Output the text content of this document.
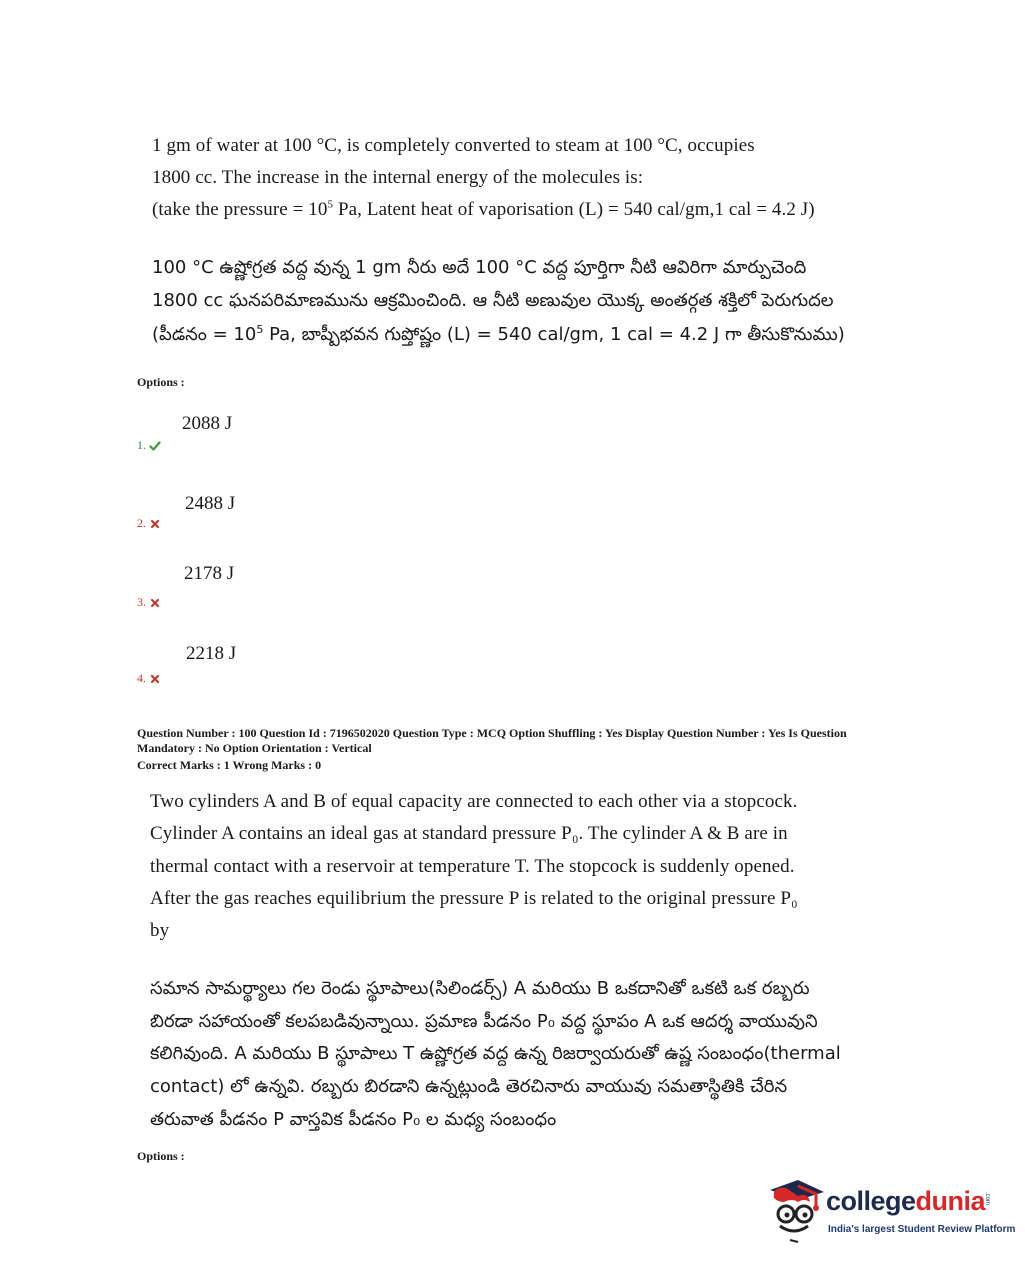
1 gm of water at 100 °C, is completely converted to steam at 100 °C, occupies
1800 cc. The increase in the internal energy of the molecules is:
(take the pressure = $10^5$ Pa, Latent heat of vaporisation (L) = 540 cal/gm,1 cal = 4.2 J)
100 °C ఉష్ణోగ్రత వద్ద వున్న 1 gm నీరు అదే 100 °C వద్ద పూర్తిగా నీటి ఆవిరిగా మార్పుచెంది
1800 cc ఘనపరిమాణమును ఆక్రమించింది. ఆ నీటి అణువుల యొక్క అంతర్గత శక్తిలో పెరుగుదల
(పీడనం = $10^5$ Pa, బాష్పీభవన గుప్తోష్ణం (L) = 540 cal/gm, 1 cal = 4.2 J గా తీసుకొనుము)
Options :
2088 J
1.
2488 J
2.
2178 J
3.
2218 J
4.
Question Number : 100 Question Id : 7196502020 Question Type : MCQ Option Shuffling : Yes Display Question Number : Yes Is Question
Mandatory : No Option Orientation : Vertical
Correct Marks : 1 Wrong Marks : 0
Two cylinders A and B of equal capacity are connected to each other via a stopcock.
Cylinder A contains an ideal gas at standard pressure P₀. The cylinder A & B are in
thermal contact with a reservoir at temperature T. The stopcock is suddenly opened.
After the gas reaches equilibrium the pressure P is related to the original pressure P₀
by
సమాన సామర్థ్యాలు గల రెండు స్థూపాలు(సిలిండర్స్) A మరియు B ఒకదానితో ఒకటి ఒక రబ్బరు
బిరడా సహాయంతో కలపబడివున్నాయి. ప్రమాణ పీడనం P₀ వద్ద స్థూపం A ఒక ఆదర్శ వాయువుని
కలిగివుంది. A మరియు B స్థూపాలు T ఉష్ణోగ్రత వద్ద ఉన్న రిజర్వాయరుతో ఉష్ణ సంబంధం(thermal
contact) లో ఉన్నవి. రబ్బరు బిరడాని ఉన్నట్లుండి తెరచినారు వాయువు సమతాస్థితికి చేరిన
తరువాత పీడనం P వాస్తవిక పీడనం P₀ ల మధ్య సంబంధం
Options :
collegedunia
.com
India's largest Student Review Platform
